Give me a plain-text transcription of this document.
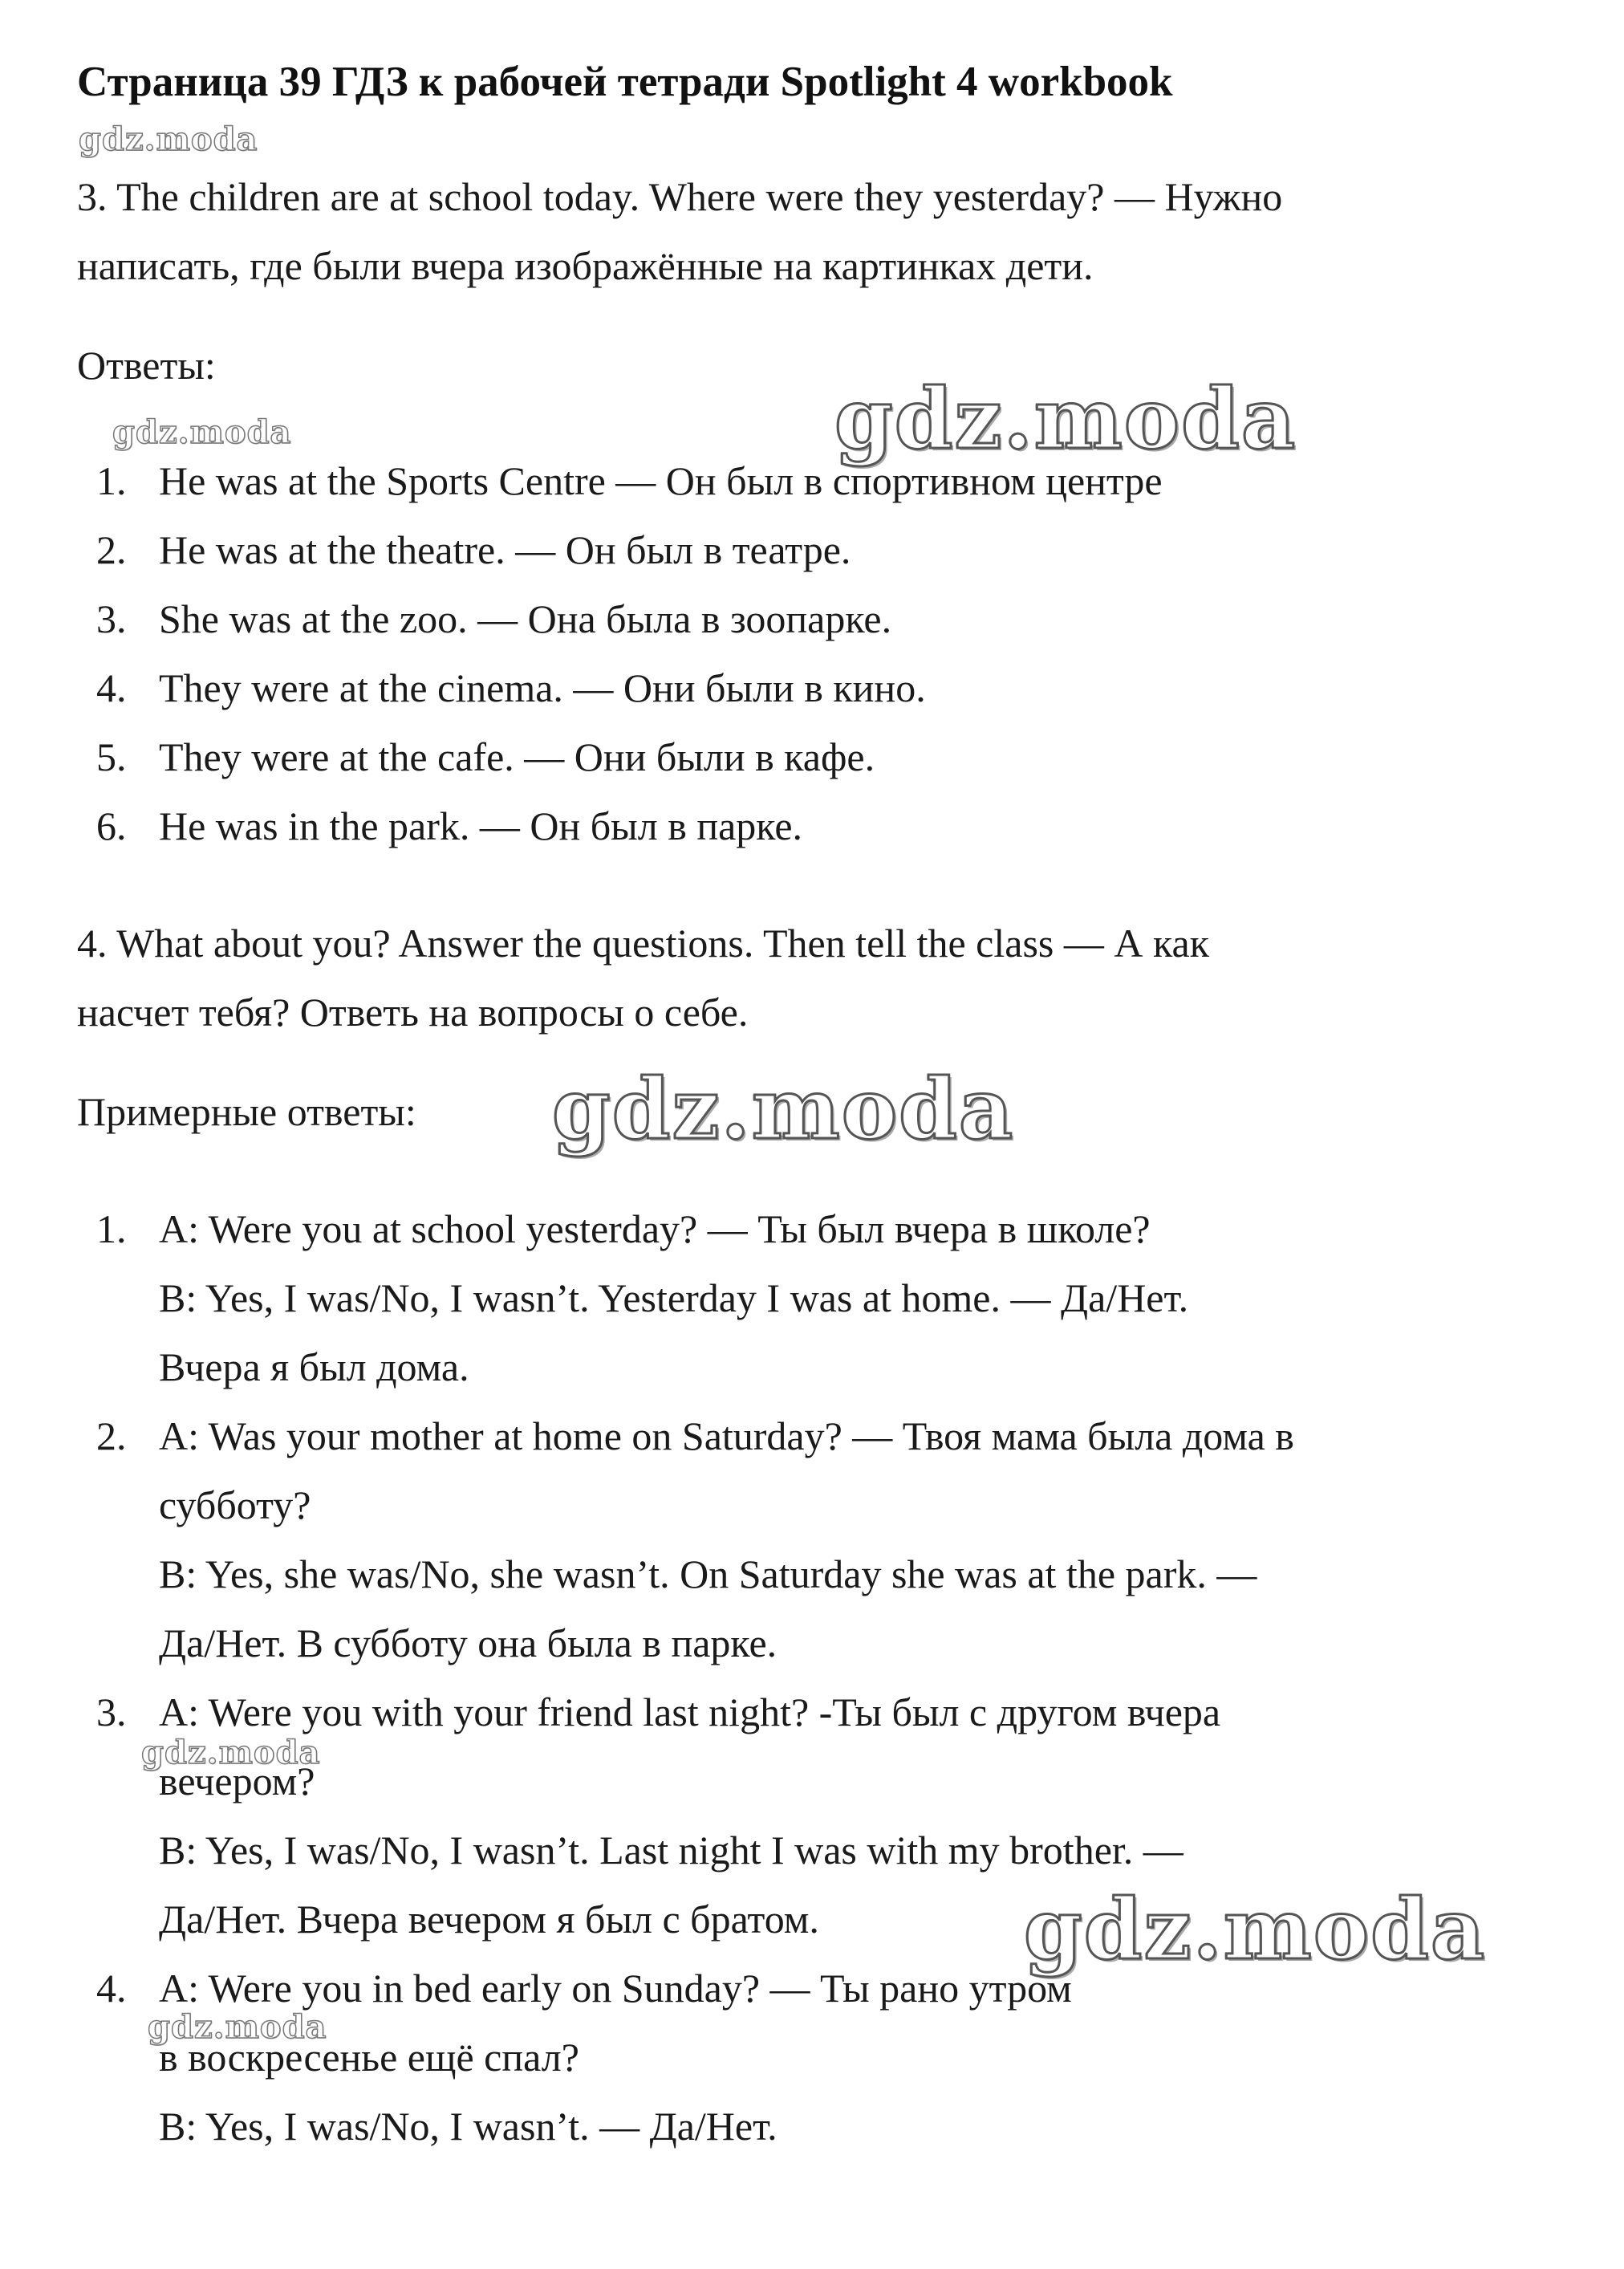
Страница 39 ГДЗ к рабочей тетради Spotlight 4 workbook
gdz.moda
gdz.moda	gdz.moda
gdz.moda
gdz.moda
gdz.moda
gdz.moda
3. The children are at school today. Where were they yesterday? — Нужно
написать, где были вчера изображённые на картинках дети.
Ответы:
1. He was at the Sports Centre — Он был в спортивном центре
2. He was at the theatre. — Он был в театре.
3. She was at the zoo. — Она была в зоопарке.
4. They were at the cinema. — Они были в кино.
5. They were at the cafe. — Они были в кафе.
6. He was in the park. — Он был в парке.
4. What about you? Answer the questions. Then tell the class — А как
насчет тебя? Ответь на вопросы о себе.
Примерные ответы:
1. A: Were you at school yesterday? — Ты был вчера в школе?
B: Yes, I was/No, I wasn’t. Yesterday I was at home. — Да/Нет.
Вчера я был дома.
2. A: Was your mother at home on Saturday? — Твоя мама была дома в
субботу?
B: Yes, she was/No, she wasn’t. On Saturday she was at the park. —
Да/Нет. В субботу она была в парке.
3. A: Were you with your friend last night? -Ты был с другом вчера
вечером?
B: Yes, I was/No, I wasn’t. Last night I was with my brother. —
Да/Нет. Вчера вечером я был с братом.
4. A: Were you in bed early on Sunday? — Ты рано утром
в воскресенье ещё спал?
B: Yes, I was/No, I wasn’t. — Да/Нет.
